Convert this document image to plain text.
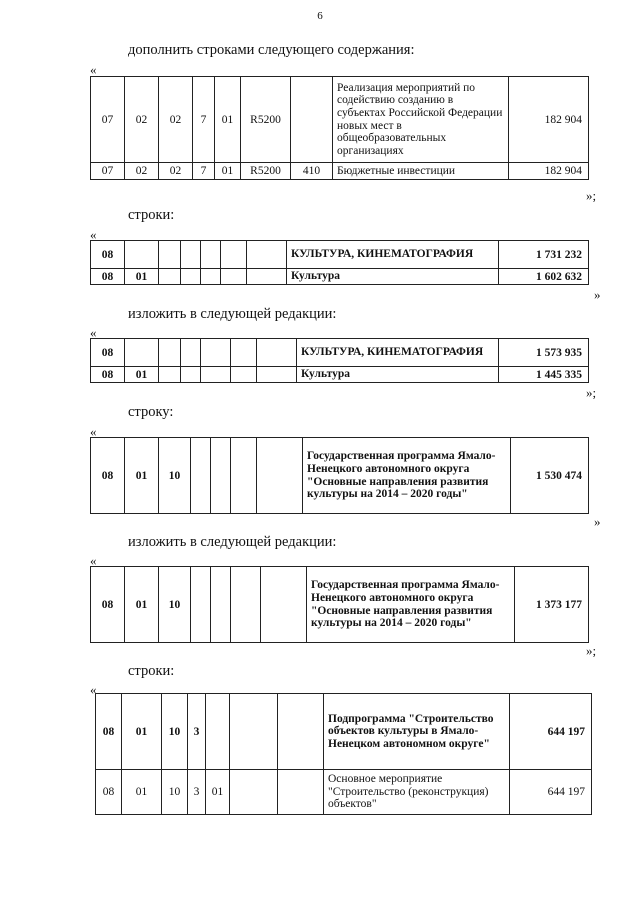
6
дополнить строками следующего содержания:
«
07	02	02	7	01	R5200		Реализация мероприятий по содействию созданию в субъектах Российской Федерации новых мест в общеобразовательных организациях	182 904
07	02	02	7	01	R5200	410	Бюджетные инвестиции	182 904
»;
строки:
«
08							КУЛЬТУРА, КИНЕМАТОГРАФИЯ	1 731 232
08	01						Культура	1 602 632
»
изложить в следующей редакции:
«
08							КУЛЬТУРА, КИНЕМАТОГРАФИЯ	1 573 935
08	01						Культура	1 445 335
»;
строку:
«
08	01	10					Государственная программа Ямало-Ненецкого автономного округа "Основные направления развития культуры на 2014 – 2020 годы"	1 530 474
»
изложить в следующей редакции:
«
08	01	10					Государственная программа Ямало-Ненецкого автономного округа "Основные направления развития культуры на 2014 – 2020 годы"	1 373 177
»;
строки:
«
08	01	10	3				Подпрограмма "Строительство объектов культуры в Ямало-Ненецком автономном округе"	644 197
08	01	10	3	01			Основное мероприятие "Строительство (реконструкция) объектов"	644 197
